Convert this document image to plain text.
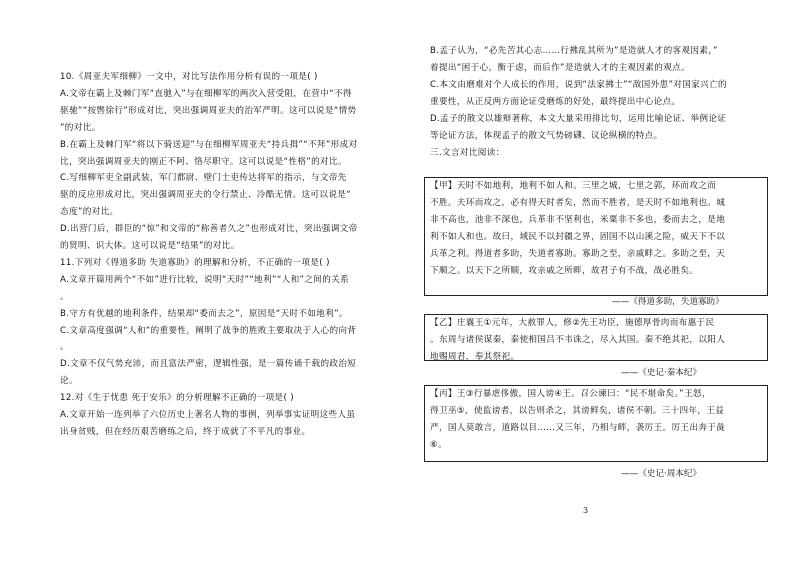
10.《周亚夫军细柳》一文中，对比写法作用分析有误的一项是( )
A.文帝在霸上及棘门军“直驰入”与在细柳军的两次入营受阻，在营中“不得
驱驰”“按辔徐行”形成对比，突出强调周亚夫的治军严明。这可以说是“情势
”的对比。
B.在霸上及棘门军“将以下骑送迎”与在细柳军周亚夫“持兵揖”“不拜”形成对
比，突出强调周亚夫的刚正不阿、恪尽职守。这可以说是“性格”的对比。
C.写细柳军吏全副武装，军门都尉、壁门士吏传达将军的指示，与文帝先
驱的反应形成对比，突出强调周亚夫的令行禁止、冷酷无情。这可以说是“
态度”的对比。
D.出营门后，群臣的“惊”和文帝的“称善者久之”也形成对比，突出强调文帝
的贤明、识大体。这可以说是“结果”的对比。
11.下列对《得道多助 失道寡助》的理解和分析，不正确的一项是( )
A.文章开篇用两个“不如”进行比较，说明“天时”“地利”“人和”之间的关系
。
B.守方有优越的地利条件，结果却“委而去之”，原因是“天时不如地利”。
C.文章高度强调“人和”的重要性，阐明了战争的胜败主要取决于人心的向背
。
D.文章不仅气势充沛，而且富法严密，逻辑性强，是一篇传诵千载的政治短
论。
12.对《生于忧患 死于安乐》的分析理解不正确的一项是( )
A.文章开始一连列举了六位历史上著名人物的事例，列举事实证明这些人虽
出身贫贱，但在经历艰苦磨练之后，终于成就了不平凡的事业。
B.孟子认为，“必先苦其心志……行拂乱其所为”是造就人才的客观因素，”
着提出“困于心，衡于虑，而后作”是造就人才的主观因素的观点。
C.本文由磨难对个人成长的作用，说到“法家拂士”“敌国外患”对国家兴亡的
重要性，从正反两方面论证受磨炼的好处，最终提出中心论点。
D.孟子的散文以雄辩著称，本文大量采用排比句，运用比喻论证、举例论证
等论证方法，体现孟子的散文气势磅礴、议论纵横的特点。
三.文言对比阅读：
【甲】天时不如地利，地利不如人和。三里之城，七里之郭，环而攻之而
不胜。夫环而攻之，必有得天时者矣，然而不胜者，是天时不如地利也。城
非不高也，池非不深也，兵革非不坚利也，米粟非不多也，委而去之，是地
利不如人和也。故曰，域民不以封疆之界，固国不以山溪之险，威天下不以
兵革之利。得道者多助，失道者寡助。寡助之至，亲戚畔之。多助之至，天
下顺之。以天下之所顺，攻亲戚之所畔，故君子有不战，战必胜矣。
——《得道多助，失道寡助》
【乙】庄襄王①元年，大赦罪人，修②先王功臣，施德厚骨肉而布惠于民
。东周与诸侯谋秦，秦使相国吕不韦诛之，尽入其国。秦不绝其祀，以阳人
地赐周君，奉其祭祀。
——《史记·秦本纪》
【丙】王③行暴虐侈傲，国人谤④王。召公谏曰：“民不堪命矣。”王怒，
得卫巫⑤，使监谤者，以告则杀之，其谤鲜矣，诸侯不朝。三十四年，王益
严，国人莫敢言，道路以目……又三年，乃相与畔，袭厉王。厉王出奔于彘
⑥。
——《史记·周本纪》
3
